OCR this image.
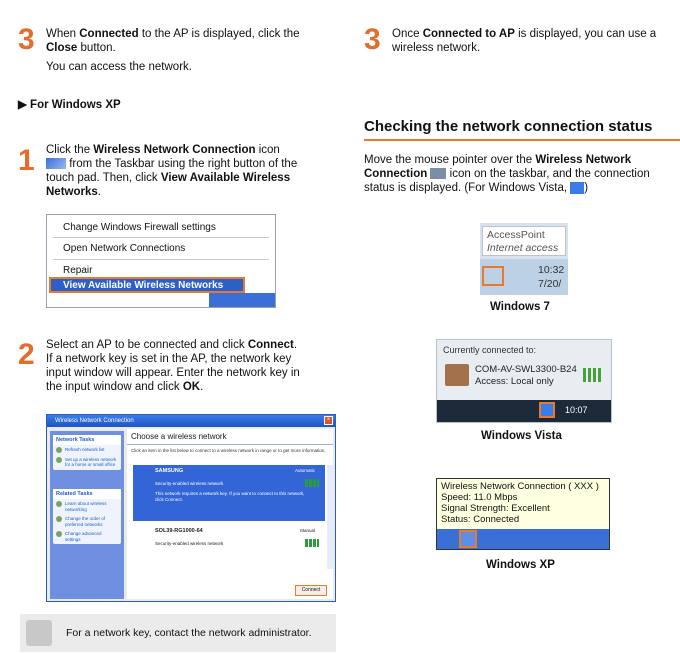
3 When Connected to the AP is displayed, click the
Close button.
You can access the network.
▶ For Windows XP
1 Click the Wireless Network Connection icon
from the Taskbar using the right button of the
touch pad. Then, click View Available Wireless
Networks.
Change Windows Firewall settings
Open Network Connections
Repair
View Available Wireless Networks
2 Select an AP to be connected and click Connect.
If a network key is set in the AP, the network key
input window will appear. Enter the network key in
the input window and click OK.
Wireless Network Connection	×
Network Tasks
Refresh network list
Set up a wireless network for a home or small office
Related Tasks
Learn about wireless networking
Change the order of preferred networks
Change advanced settings
Choose a wireless network
Click an item in the list below to connect to a wireless network in range or to get more information.
SAMSUNG	Automatic
Security-enabled wireless network
This network requires a network key. If you want to connect to this network, click Connect.
SOL39-RG1000-64	Manual
Security-enabled wireless network
Connect
For a network key, contact the network administrator.
3 Once Connected to AP is displayed, you can use a
wireless network.
Checking the network connection status
Move the mouse pointer over the Wireless Network
Connection  icon on the taskbar, and the connection
status is displayed. (For Windows Vista, )
AccessPoint
Internet access
10:32
7/20/
Windows 7
Currently connected to:
COM-AV-SWL3300-B24
Access: Local only
10:07
Windows Vista
Wireless Network Connection ( XXX )
Speed: 11.0 Mbps
Signal Strength: Excellent
Status: Connected
Windows XP
